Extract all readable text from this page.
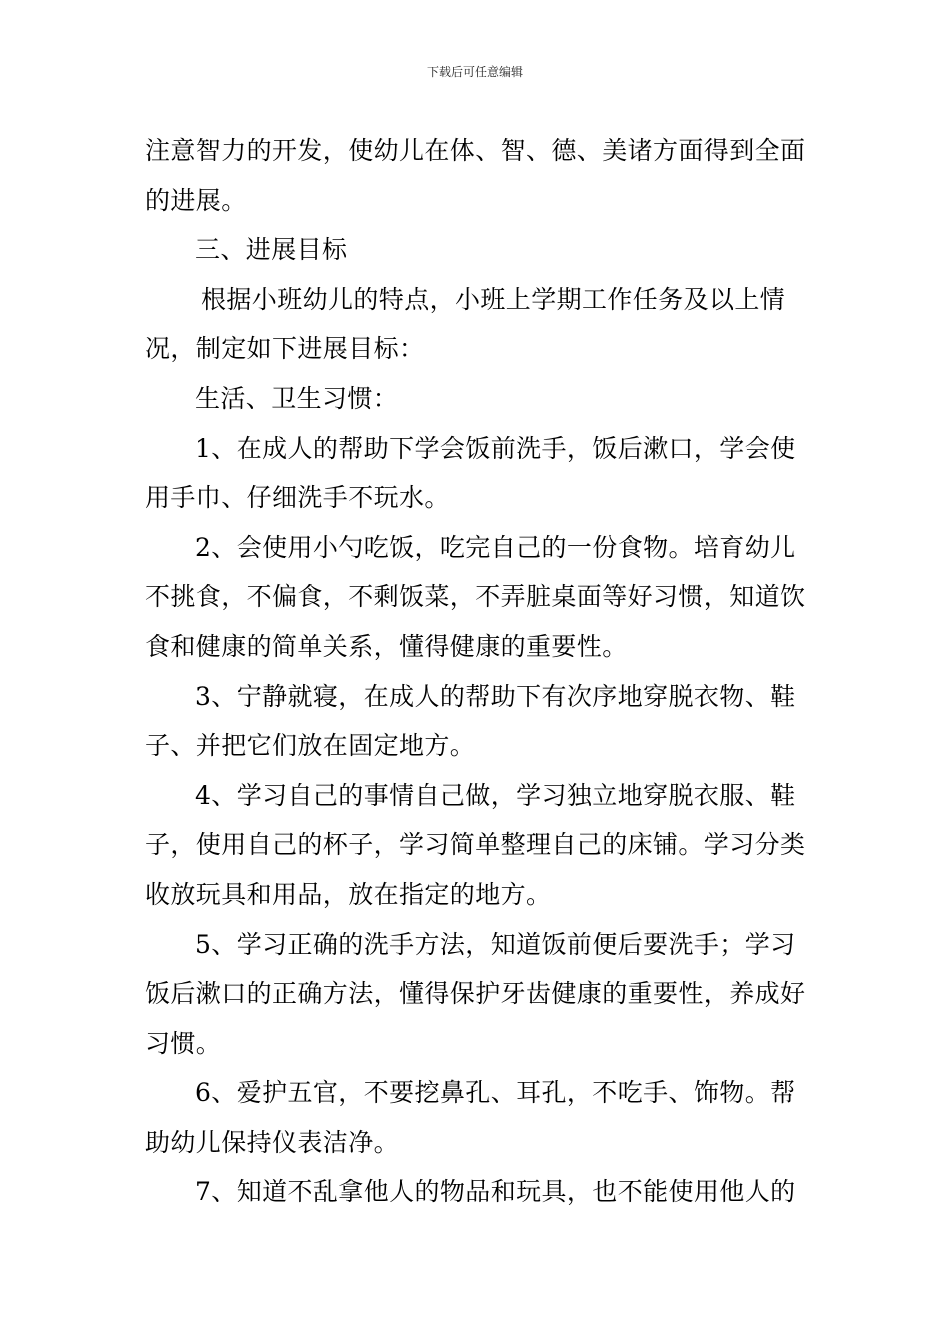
下载后可任意编辑

注意智力的开发，使幼儿在体、智、德、美诸方面得到全面的进展。

三、进展目标

根据小班幼儿的特点，小班上学期工作任务及以上情况，制定如下进展目标：

生活、卫生习惯：

1、在成人的帮助下学会饭前洗手，饭后漱口，学会使用手巾、仔细洗手不玩水。

2、会使用小勺吃饭，吃完自己的一份食物。培育幼儿不挑食，不偏食，不剩饭菜，不弄脏桌面等好习惯，知道饮食和健康的简单关系，懂得健康的重要性。

3、宁静就寝，在成人的帮助下有次序地穿脱衣物、鞋子、并把它们放在固定地方。

4、学习自己的事情自己做，学习独立地穿脱衣服、鞋子，使用自己的杯子，学习简单整理自己的床铺。学习分类收放玩具和用品，放在指定的地方。

5、学习正确的洗手方法，知道饭前便后要洗手；学习饭后漱口的正确方法，懂得保护牙齿健康的重要性，养成好习惯。

6、爱护五官，不要挖鼻孔、耳孔，不吃手、饰物。帮助幼儿保持仪表洁净。

7、知道不乱拿他人的物品和玩具，也不能使用他人的
